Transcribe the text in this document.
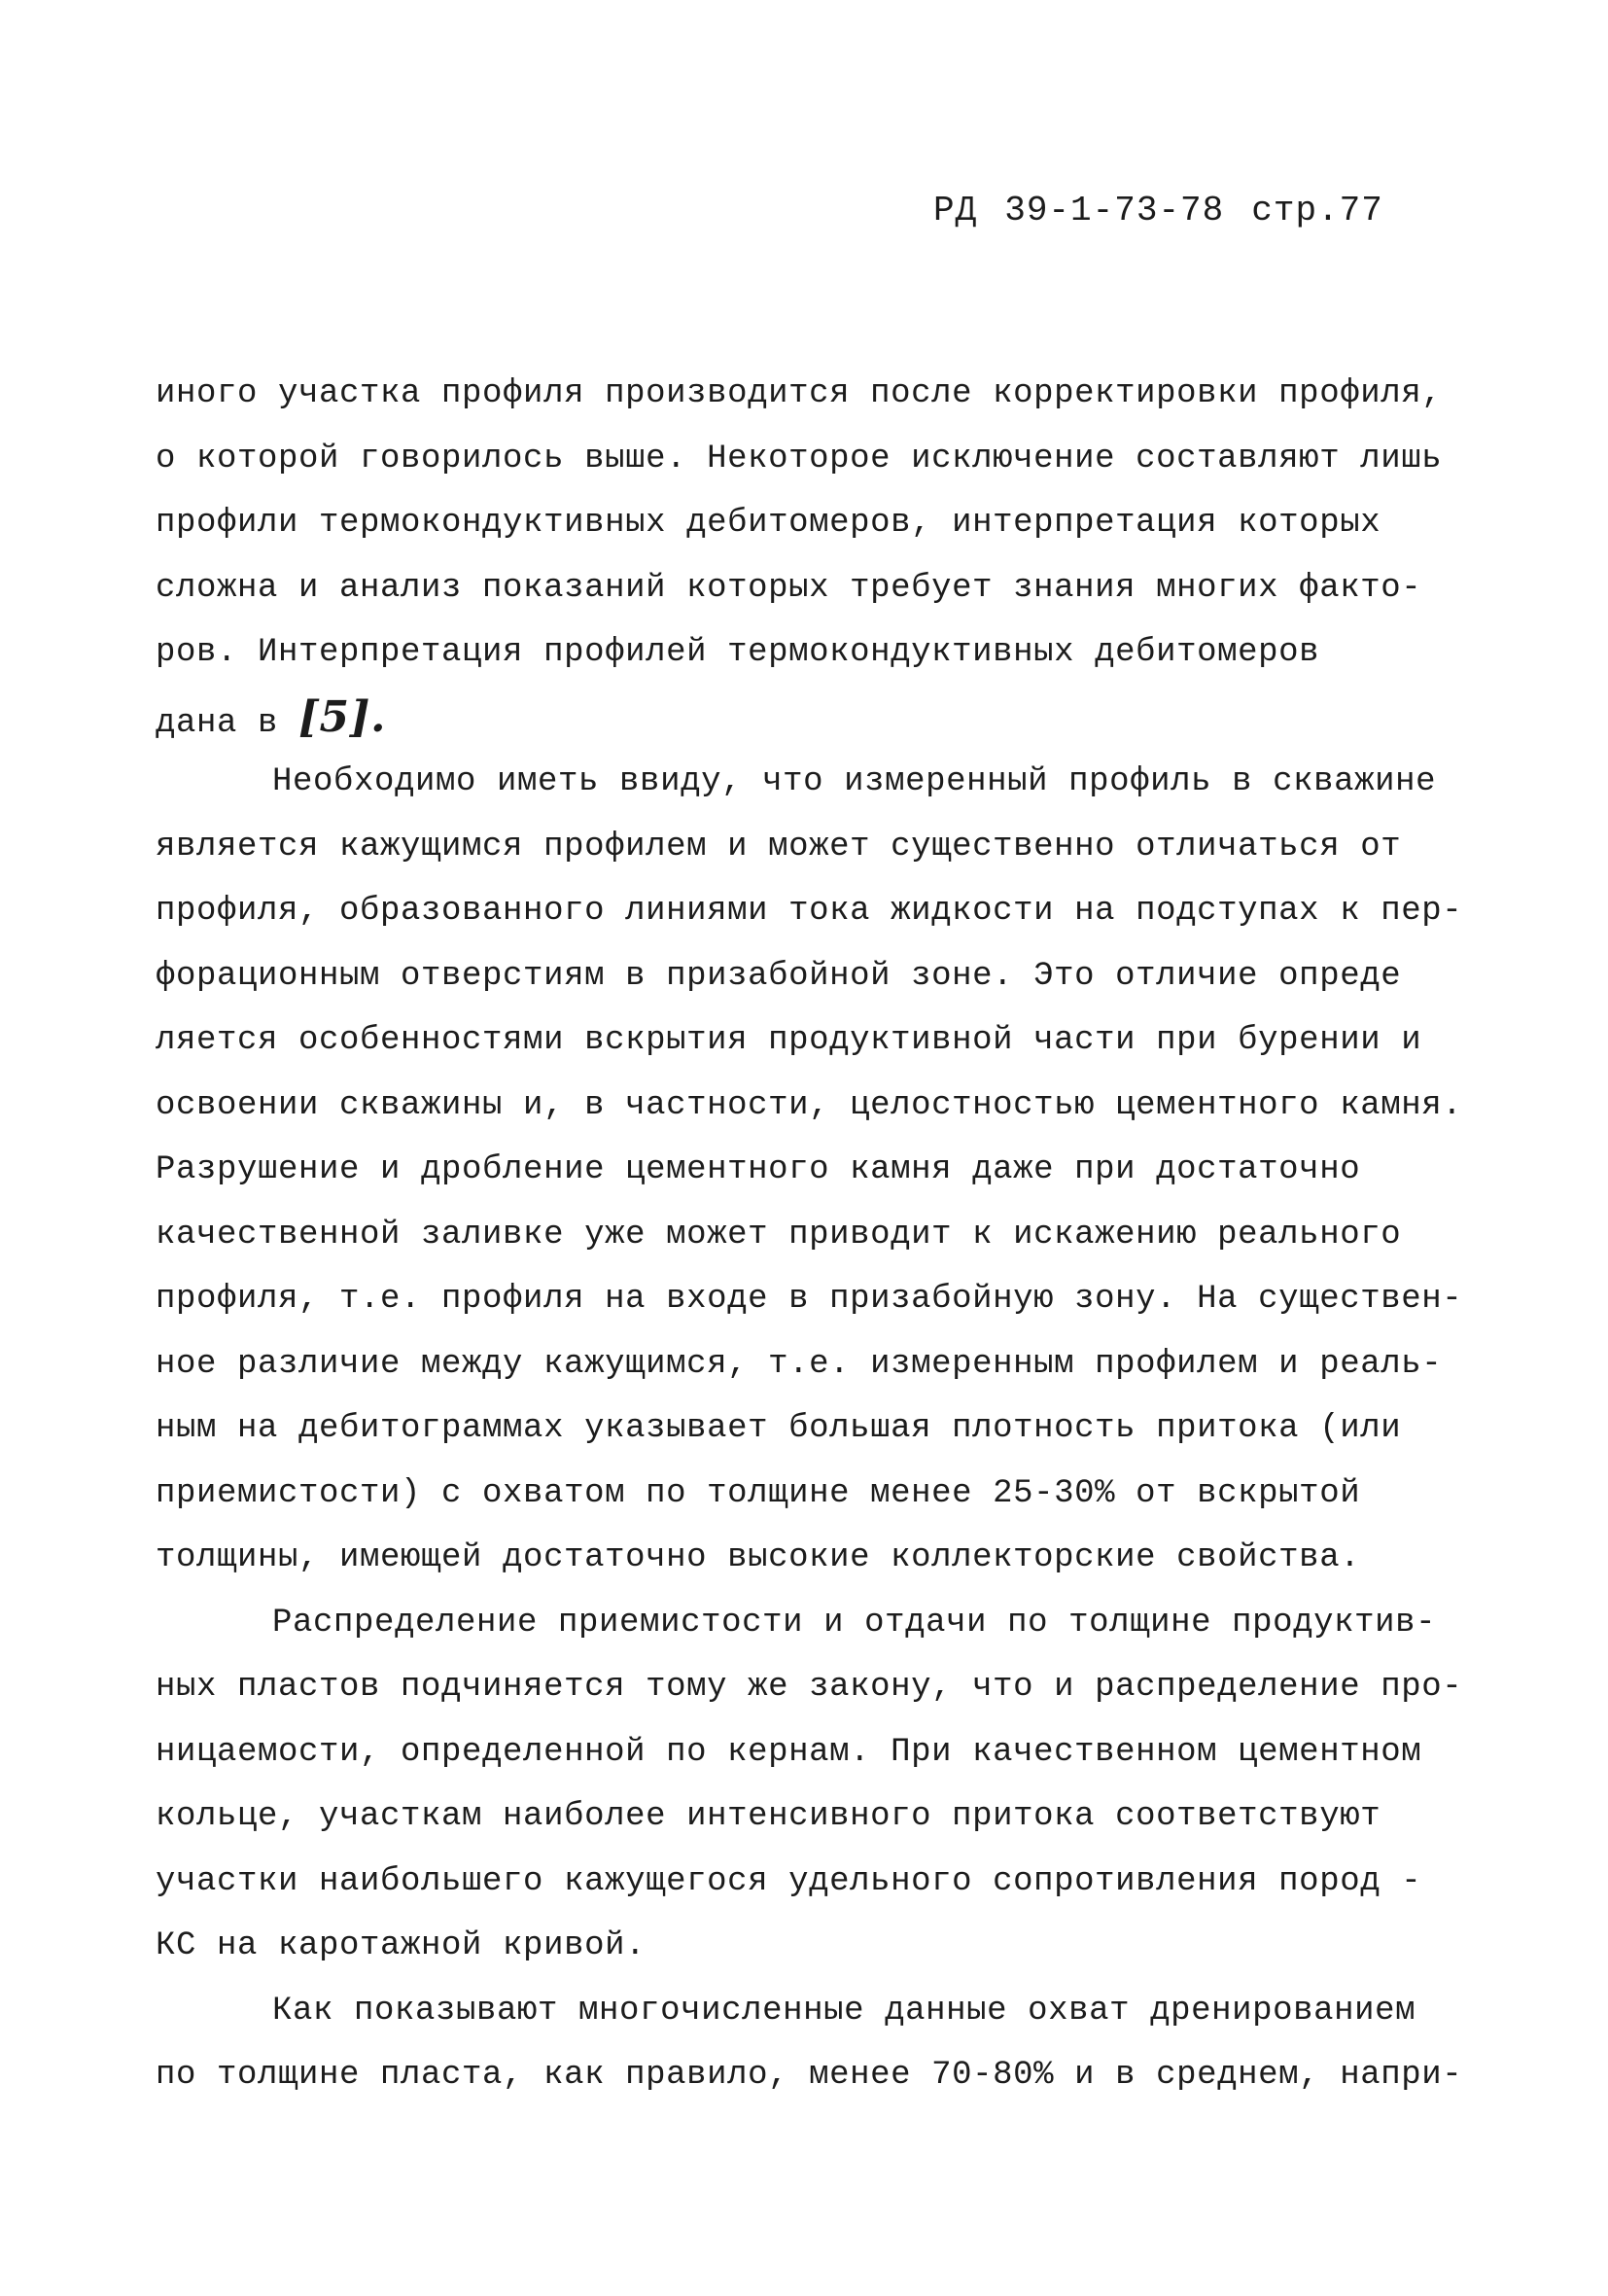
РД 39-1-73-78 стр.77
иного участка профиля производится после корректировки профиля,
о которой говорилось выше. Некоторое исключение составляют лишь
профили термокондуктивных дебитомеров, интерпретация которых
сложна и анализ показаний которых требует знания многих факто-
ров. Интерпретация профилей термокондуктивных дебитомеров
дана в [5].
Необходимо иметь ввиду, что измеренный профиль в скважине
является кажущимся профилем и может существенно отличаться от
профиля, образованного линиями тока жидкости на подступах к пер-
форационным отверстиям в призабойной зоне. Это отличие опреде
ляется особенностями вскрытия продуктивной части при бурении и
освоении скважины и, в частности, целостностью цементного камня.
Разрушение и дробление цементного камня даже при достаточно
качественной заливке уже может приводит к искажению реального
профиля, т.е. профиля на входе в призабойную зону. На существен-
ное различие между кажущимся, т.е. измеренным профилем и реаль-
ным на дебитограммах указывает большая плотность притока (или
приемистости) с охватом по толщине менее 25-30% от вскрытой
толщины, имеющей достаточно высокие коллекторские свойства.
Распределение приемистости и отдачи по толщине продуктив-
ных пластов подчиняется тому же закону, что и распределение про-
ницаемости, определенной по кернам. При качественном цементном
кольце, участкам наиболее интенсивного притока соответствуют
участки наибольшего кажущегося удельного сопротивления пород -
КС на каротажной кривой.
Как показывают многочисленные данные охват дренированием
по толщине пласта, как правило, менее 70-80% и в среднем, напри-
